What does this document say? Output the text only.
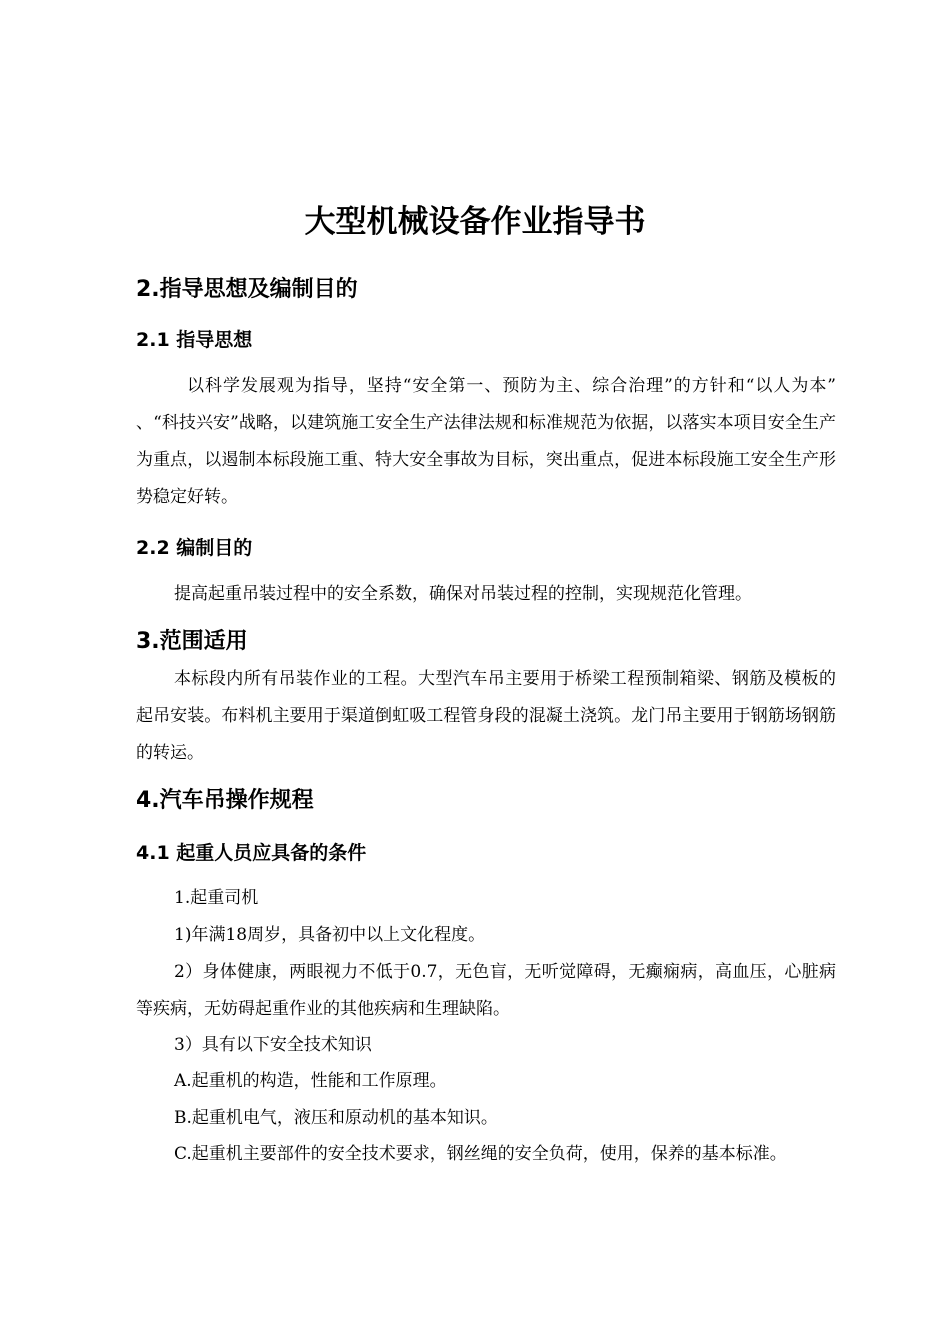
大型机械设备作业指导书
2.指导思想及编制目的
2.1 指导思想

以科学发展观为指导，坚持“安全第一、预防为主、综合治理”的方针和“以人为本” 、“科技兴安”战略，以建筑施工安全生产法律法规和标准规范为依据，以落实本项目安全生产为重点，以遏制本标段施工重、特大安全事故为目标，突出重点，促进本标段施工安全生产形势稳定好转。

2.2 编制目的

提高起重吊装过程中的安全系数，确保对吊装过程的控制，实现规范化管理。

3.范围适用

本标段内所有吊装作业的工程。大型汽车吊主要用于桥梁工程预制箱梁、钢筋及模板的起吊安装。布料机主要用于渠道倒虹吸工程管身段的混凝土浇筑。龙门吊主要用于钢筋场钢筋的转运。

4.汽车吊操作规程
4.1 起重人员应具备的条件

1.起重司机

1)年满18周岁，具备初中以上文化程度。

2）身体健康，两眼视力不低于0.7，无色盲，无听觉障碍，无癫痫病，高血压，心脏病等疾病，无妨碍起重作业的其他疾病和生理缺陷。

3）具有以下安全技术知识

A.起重机的构造，性能和工作原理。

B.起重机电气，液压和原动机的基本知识。

C.起重机主要部件的安全技术要求，钢丝绳的安全负荷，使用，保养的基本标准。
